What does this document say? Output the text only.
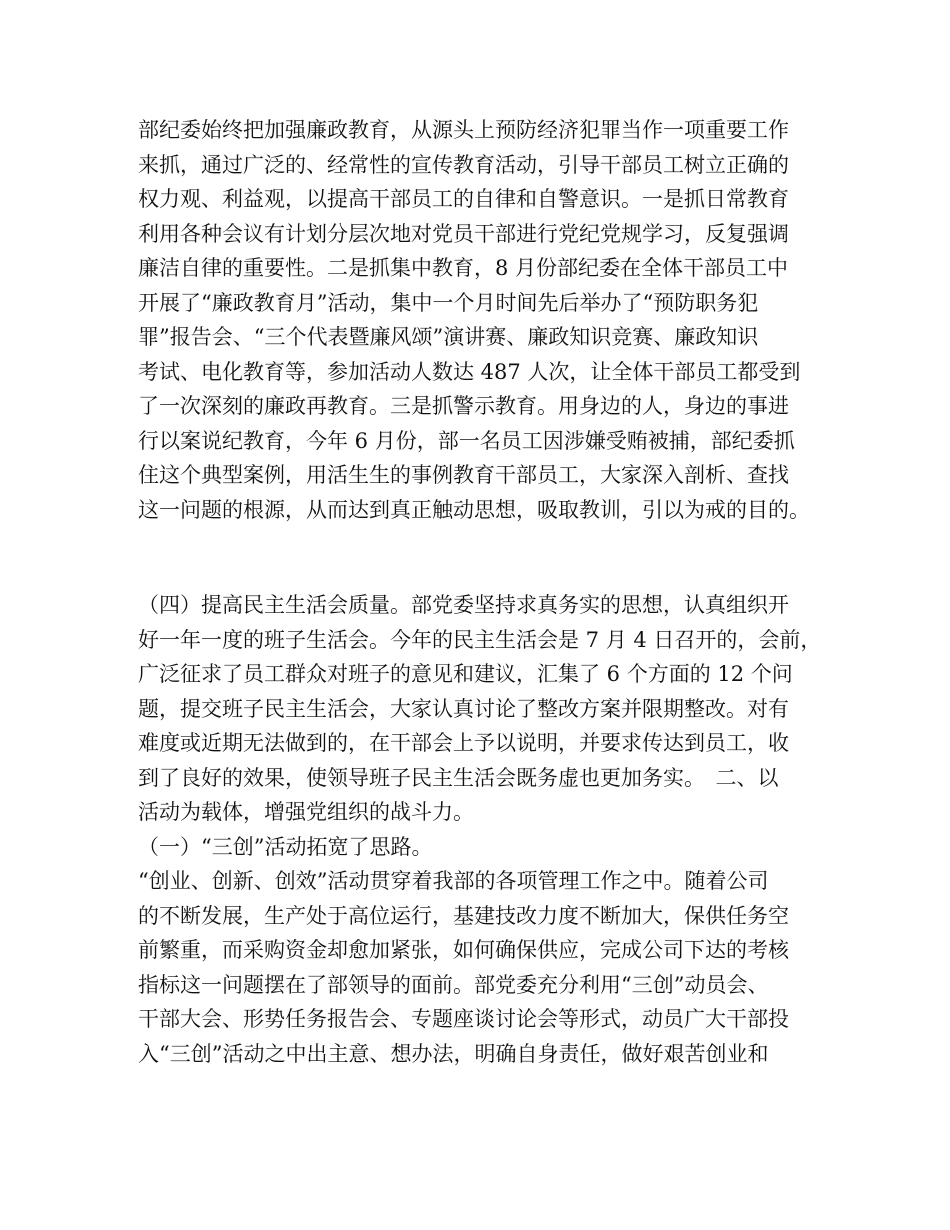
部纪委始终把加强廉政教育，从源头上预防经济犯罪当作一项重要工作
来抓，通过广泛的、经常性的宣传教育活动，引导干部员工树立正确的
权力观、利益观，以提高干部员工的自律和自警意识。一是抓日常教育
利用各种会议有计划分层次地对党员干部进行党纪党规学习，反复强调
廉洁自律的重要性。二是抓集中教育，8 月份部纪委在全体干部员工中
开展了“廉政教育月”活动，集中一个月时间先后举办了“预防职务犯
罪”报告会、“三个代表暨廉风颂”演讲赛、廉政知识竞赛、廉政知识
考试、电化教育等，参加活动人数达 487 人次，让全体干部员工都受到
了一次深刻的廉政再教育。三是抓警示教育。用身边的人，身边的事进
行以案说纪教育，今年 6 月份，部一名员工因涉嫌受贿被捕，部纪委抓
住这个典型案例，用活生生的事例教育干部员工，大家深入剖析、查找
这一问题的根源，从而达到真正触动思想，吸取教训，引以为戒的目的。
（四）提高民主生活会质量。部党委坚持求真务实的思想，认真组织开
好一年一度的班子生活会。今年的民主生活会是 7 月 4 日召开的，会前，
广泛征求了员工群众对班子的意见和建议，汇集了 6 个方面的 12 个问
题，提交班子民主生活会，大家认真讨论了整改方案并限期整改。对有
难度或近期无法做到的，在干部会上予以说明，并要求传达到员工，收
到了良好的效果，使领导班子民主生活会既务虚也更加务实。　二、以
活动为载体，增强党组织的战斗力。
（一）“三创”活动拓宽了思路。
“创业、创新、创效”活动贯穿着我部的各项管理工作之中。随着公司
的不断发展，生产处于高位运行，基建技改力度不断加大，保供任务空
前繁重，而采购资金却愈加紧张，如何确保供应，完成公司下达的考核
指标这一问题摆在了部领导的面前。部党委充分利用“三创”动员会、
干部大会、形势任务报告会、专题座谈讨论会等形式，动员广大干部投
入“三创”活动之中出主意、想办法，明确自身责任，做好艰苦创业和
